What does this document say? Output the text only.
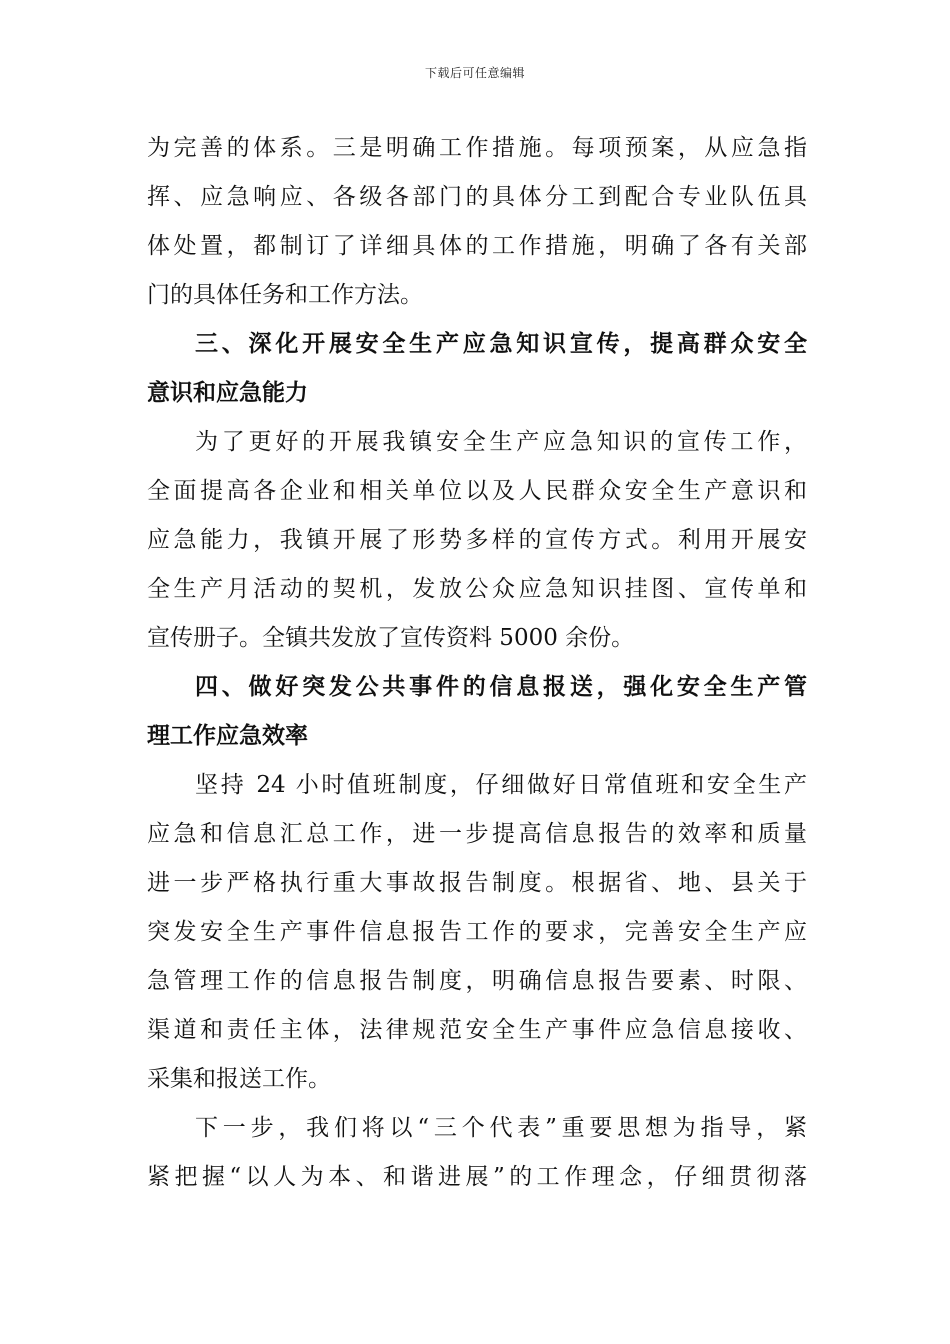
下载后可任意编辑
为完善的体系。三是明确工作措施。每项预案，从应急指
挥、应急响应、各级各部门的具体分工到配合专业队伍具
体处置，都制订了详细具体的工作措施，明确了各有关部
门的具体任务和工作方法。
三、深化开展安全生产应急知识宣传，提高群众安全
意识和应急能力
为了更好的开展我镇安全生产应急知识的宣传工作，
全面提高各企业和相关单位以及人民群众安全生产意识和
应急能力，我镇开展了形势多样的宣传方式。利用开展安
全生产月活动的契机，发放公众应急知识挂图、宣传单和
宣传册子。全镇共发放了宣传资料 5000 余份。
四、做好突发公共事件的信息报送，强化安全生产管
理工作应急效率
坚持 24 小时值班制度，仔细做好日常值班和安全生产
应急和信息汇总工作，进一步提高信息报告的效率和质量
进一步严格执行重大事故报告制度。根据省、地、县关于
突发安全生产事件信息报告工作的要求，完善安全生产应
急管理工作的信息报告制度，明确信息报告要素、时限、
渠道和责任主体，法律规范安全生产事件应急信息接收、
采集和报送工作。
下一步，我们将以“三个代表”重要思想为指导，紧
紧把握“以人为本、和谐进展”的工作理念，仔细贯彻落
